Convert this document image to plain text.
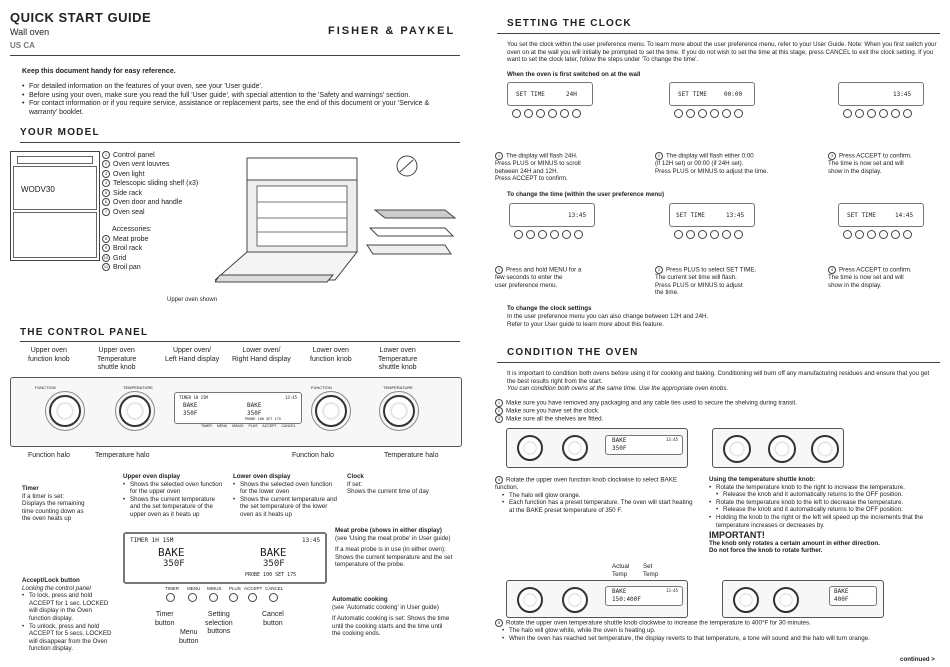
QUICK START GUIDE
Wall oven
US CA
FISHER & PAYKEL
Keep this document handy for easy reference.
• For detailed information on the features of your oven, see your 'User guide'.
• Before using your oven, make sure you read the full 'User guide', with special attention to the 'Safety and warnings' section.
• For contact information or if you require service, assistance or replacement parts, see the end of this document or your 'Service & warranty' booklet.
YOUR MODEL
WODV30
1 Control panel
2 Oven vent louvres
3 Oven light
4 Telescopic sliding shelf (x3)
5 Side rack
6 Oven door and handle
7 Oven seal
Accessories:
8 Meat probe
9 Broil rack
10 Grid
11 Broil pan
Upper oven shown
THE CONTROL PANEL
Upper oven
function knob
Upper oven
Temperature
shuttle knob
Upper oven/
Left Hand display
Lower oven/
Right Hand display
Lower oven
function knob
Lower oven
Temperature
shuttle knob
FUNCTION	TEMPERATURE
TIMER 1H 15M	13:45
BAKE
350F
BAKE
350F
PROBE 100 SET 175
TIMER MENU MINUS PLUS ACCEPT CANCEL
FUNCTION	TEMPERATURE
Function halo	Temperature halo	Function halo	Temperature halo
Timer
If a timer is set:
Displays the remaining
time counting down as
the oven heats up
Upper oven display
• Shows the selected oven function for the upper oven
• Shows the current temperature and the set temperature of the upper oven as it heats up
Lower oven display
• Shows the selected oven function for the lower oven
• Shows the current temperature and the set temperature of the lower oven as it heats up
Clock
If set:
Shows the current time of day
TIMER 1H 15M	13:45
BAKE
350F
BAKE
350F
PROBE 100 SET 175
Meat probe (shows in either display)
(see 'Using the meat probe' in User guide)
If a meat probe is in use (in either oven): Shows the current temperature and the set temperature of the probe.
Automatic cooking
(see 'Automatic cooking' in User guide)
If Automatic cooking is set: Shows the time until the cooking starts and the time until the cooking ends.
TIMER MENU MINUS PLUS ACCEPT CANCEL
Accept/Lock button
Locking the control panel
• To lock, press and hold ACCEPT for 1 sec. LOCKED will display in the Oven function display.
• To unlock, press and hold ACCEPT for 5 secs. LOCKED will disappear from the Oven function display.
Timer
button
Menu
button
Setting
selection
buttons
Cancel
button
SETTING THE CLOCK
You set the clock within the user preference menu. To learn more about the user preference menu, refer to your User Guide. Note: When you first switch your oven on at the wall you will initially be prompted to set the time. If you do not wish to set the time at this stage, press CANCEL to exit the clock setting. If you want to set the clock later, follow the steps under 'To change the time'.
When the oven is first switched on at the wall
SET TIME	24H	SET TIME	00:00	13:45
1 The display will flash 24H.
Press PLUS or MINUS to scroll
between 24H and 12H.
Press ACCEPT to confirm.
2 The display will flash either 0:00
(if 12H set) or 00:00 (if 24H set).
Press PLUS or MINUS to adjust the time.
3 Press ACCEPT to confirm.
The time is now set and will
show in the display.
To change the time (within the user preference menu)
13:45	SET TIME	13:45	SET TIME	14:45
1 Press and hold MENU for a
few seconds to enter the
user preference menu.
2 Press PLUS to select SET TIME.
The current set time will flash.
Press PLUS or MINUS to adjust
the time.
4 Press ACCEPT to confirm.
The time is now set and will
show in the display.
To change the clock settings
In the user preference menu you can also change between 12H and 24H.
Refer to your User guide to learn more about this feature.
CONDITION THE OVEN
It is important to condition both ovens before using it for cooking and baking. Conditioning will burn off any manufacturing residues and ensure that you get the best results right from the start.
You can condition both ovens at the same time. Use the appropriate oven knobs.
1 Make sure you have removed any packaging and any cable ties used to secure the shelving during transit.
2 Make sure you have set the clock.
3 Make sure all the shelves are fitted.
BAKE
350F
13:45
4 Rotate the upper oven function knob clockwise to select BAKE function.
• The halo will glow orange.
• Each function has a preset temperature. The oven will start heating at the BAKE preset temperature of 350 F.
Using the temperature shuttle knob:
• Rotate the temperature knob to the right to increase the temperature.
• Release the knob and it automatically returns to the OFF position.
• Rotate the temperature knob to the left to decrease the temperature.
• Release the knob and it automatically returns to the OFF position.
• Holding the knob to the right or the left will speed up the increments that the temperature increases or decreases by.
IMPORTANT!
The knob only rotates a certain amount in either direction.
Do not force the knob to rotate further.
Actual
Temp
Set
Temp
BAKE
150:400F
13:45	BAKE
400F
5 Rotate the upper oven temperature shuttle knob clockwise to increase the temperature to 400°F for 30 minutes.
• The halo will glow white, while the oven is heating up.
• When the oven has reached set temperature, the display reverts to that temperature, a tone will sound and the halo will turn orange.
continued >
